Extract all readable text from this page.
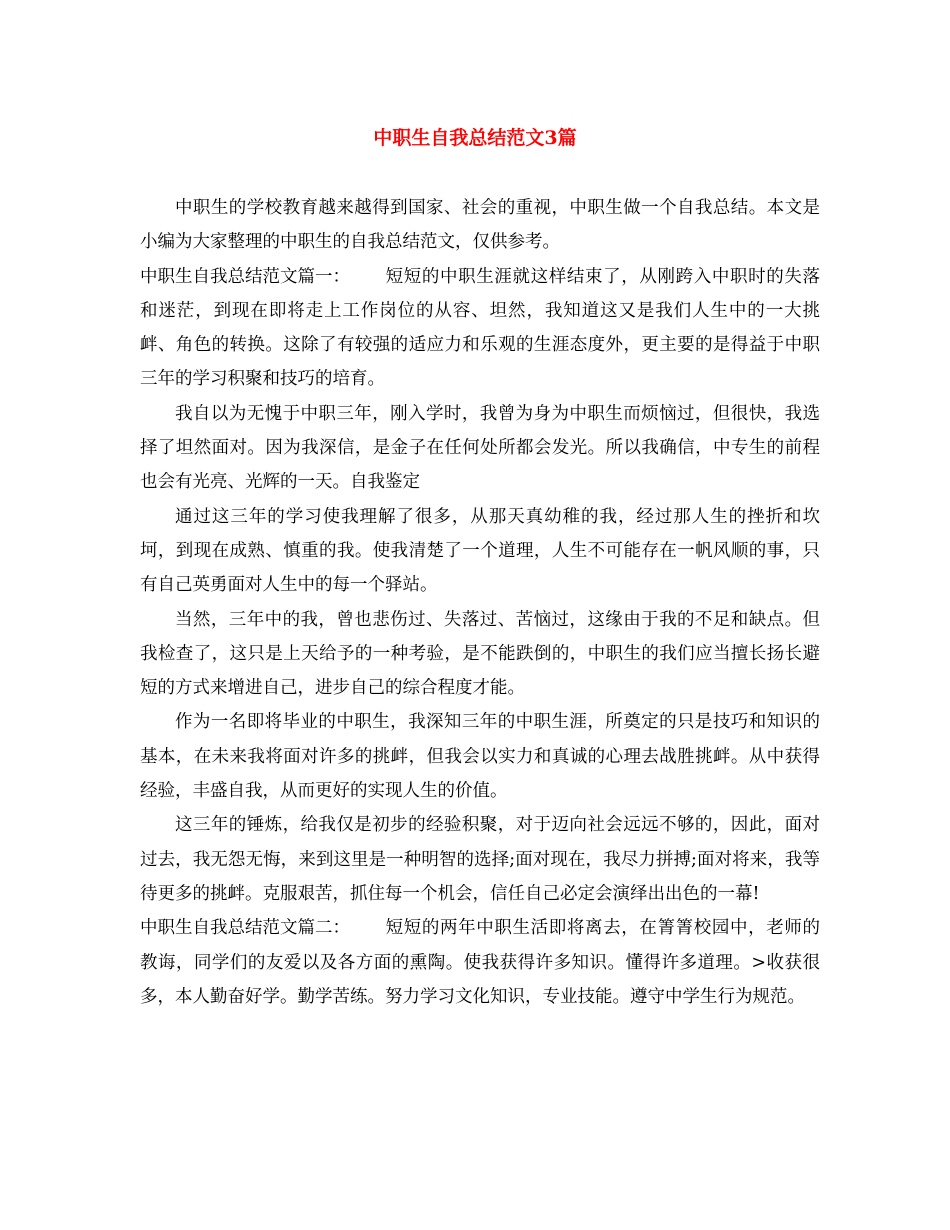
中职生自我总结范文3篇

中职生的学校教育越来越得到国家、社会的重视，中职生做一个自我总结。本文是小编为大家整理的中职生的自我总结范文，仅供参考。

中职生自我总结范文篇一： 短短的中职生涯就这样结束了，从刚跨入中职时的失落和迷茫，到现在即将走上工作岗位的从容、坦然，我知道这又是我们人生中的一大挑衅、角色的转换。这除了有较强的适应力和乐观的生涯态度外，更主要的是得益于中职三年的学习积聚和技巧的培育。

我自以为无愧于中职三年，刚入学时，我曾为身为中职生而烦恼过，但很快，我选择了坦然面对。因为我深信，是金子在任何处所都会发光。所以我确信，中专生的前程也会有光亮、光辉的一天。自我鉴定

通过这三年的学习使我理解了很多，从那天真幼稚的我，经过那人生的挫折和坎坷，到现在成熟、慎重的我。使我清楚了一个道理，人生不可能存在一帆风顺的事，只有自己英勇面对人生中的每一个驿站。

当然，三年中的我，曾也悲伤过、失落过、苦恼过，这缘由于我的不足和缺点。但我检查了，这只是上天给予的一种考验，是不能跌倒的，中职生的我们应当擅长扬长避短的方式来增进自己，进步自己的综合程度才能。

作为一名即将毕业的中职生，我深知三年的中职生涯，所奠定的只是技巧和知识的基本，在未来我将面对许多的挑衅，但我会以实力和真诚的心理去战胜挑衅。从中获得经验，丰盛自我，从而更好的实现人生的价值。

这三年的锤炼，给我仅是初步的经验积聚，对于迈向社会远远不够的，因此，面对过去，我无怨无悔，来到这里是一种明智的选择;面对现在，我尽力拼搏;面对将来，我等待更多的挑衅。克服艰苦，抓住每一个机会，信任自己必定会演绎出出色的一幕!

中职生自我总结范文篇二： 短短的两年中职生活即将离去，在箐箐校园中，老师的教诲，同学们的友爱以及各方面的熏陶。使我获得许多知识。懂得许多道理。>收获很多，本人勤奋好学。勤学苦练。努力学习文化知识，专业技能。遵守中学生行为规范。
